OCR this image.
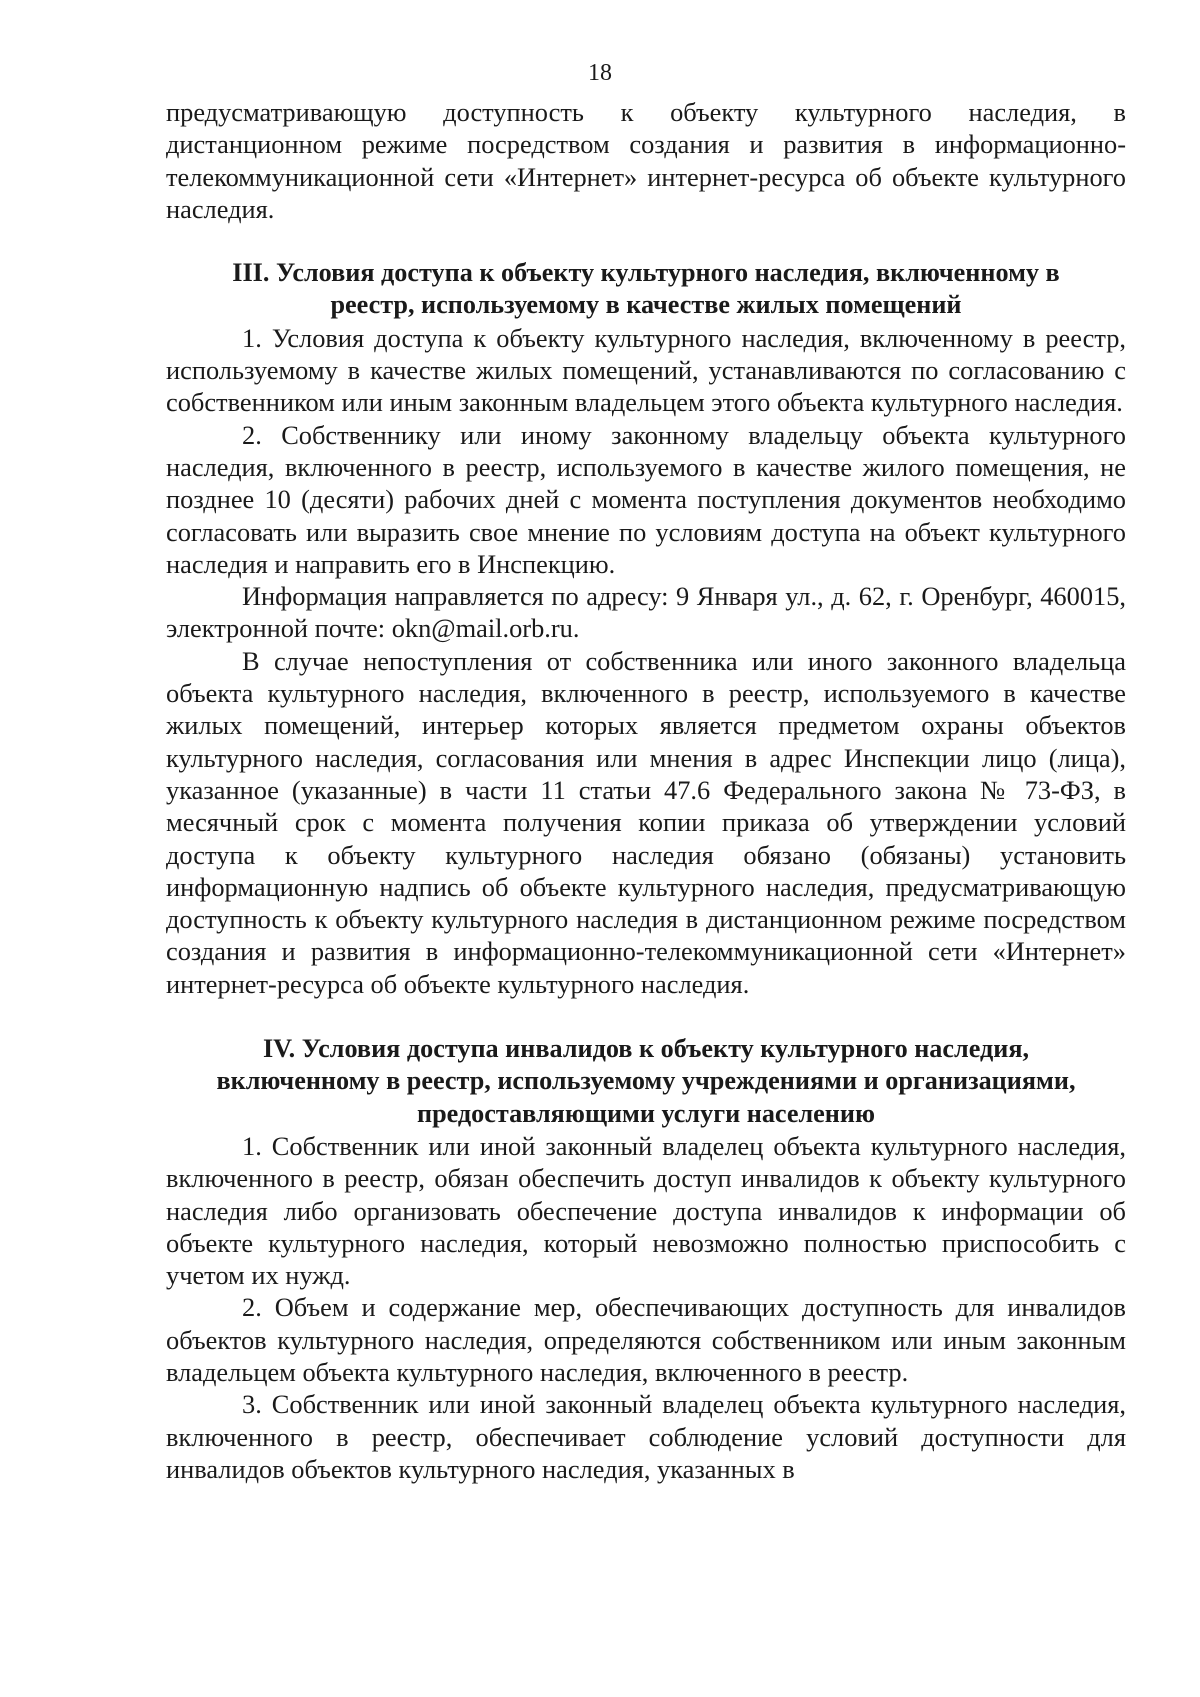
18

предусматривающую доступность к объекту культурного наследия, в дистанционном режиме посредством создания и развития в информационно-телекоммуникационной сети «Интернет» интернет-ресурса об объекте культурного наследия.

III. Условия доступа к объекту культурного наследия, включенному в
реестр, используемому в качестве жилых помещений

1. Условия доступа к объекту культурного наследия, включенному в реестр, используемому в качестве жилых помещений, устанавливаются по согласованию с собственником или иным законным владельцем этого объекта культурного наследия.

2. Собственнику или иному законному владельцу объекта культурного наследия, включенного в реестр, используемого в качестве жилого помещения, не позднее 10 (десяти) рабочих дней с момента поступления документов необходимо согласовать или выразить свое мнение по условиям доступа на объект культурного наследия и направить его в Инспекцию.

Информация направляется по адресу: 9 Января ул., д. 62, г. Оренбург, 460015, электронной почте: okn@mail.orb.ru.

В случае непоступления от собственника или иного законного владельца объекта культурного наследия, включенного в реестр, используемого в качестве жилых помещений, интерьер которых является предметом охраны объектов культурного наследия, согласования или мнения в адрес Инспекции лицо (лица), указанное (указанные) в части 11 статьи 47.6 Федерального закона № 73-ФЗ, в месячный срок с момента получения копии приказа об утверждении условий доступа к объекту культурного наследия обязано (обязаны) установить информационную надпись об объекте культурного наследия, предусматривающую доступность к объекту культурного наследия в дистанционном режиме посредством создания и развития в информационно-телекоммуникационной сети «Интернет» интернет-ресурса об объекте культурного наследия.

IV. Условия доступа инвалидов к объекту культурного наследия,
включенному в реестр, используемому учреждениями и организациями,
предоставляющими услуги населению

1. Собственник или иной законный владелец объекта культурного наследия, включенного в реестр, обязан обеспечить доступ инвалидов к объекту культурного наследия либо организовать обеспечение доступа инвалидов к информации об объекте культурного наследия, который невозможно полностью приспособить с учетом их нужд.

2. Объем и содержание мер, обеспечивающих доступность для инвалидов объектов культурного наследия, определяются собственником или иным законным владельцем объекта культурного наследия, включенного в реестр.

3. Собственник или иной законный владелец объекта культурного наследия, включенного в реестр, обеспечивает соблюдение условий доступности для инвалидов объектов культурного наследия, указанных в
